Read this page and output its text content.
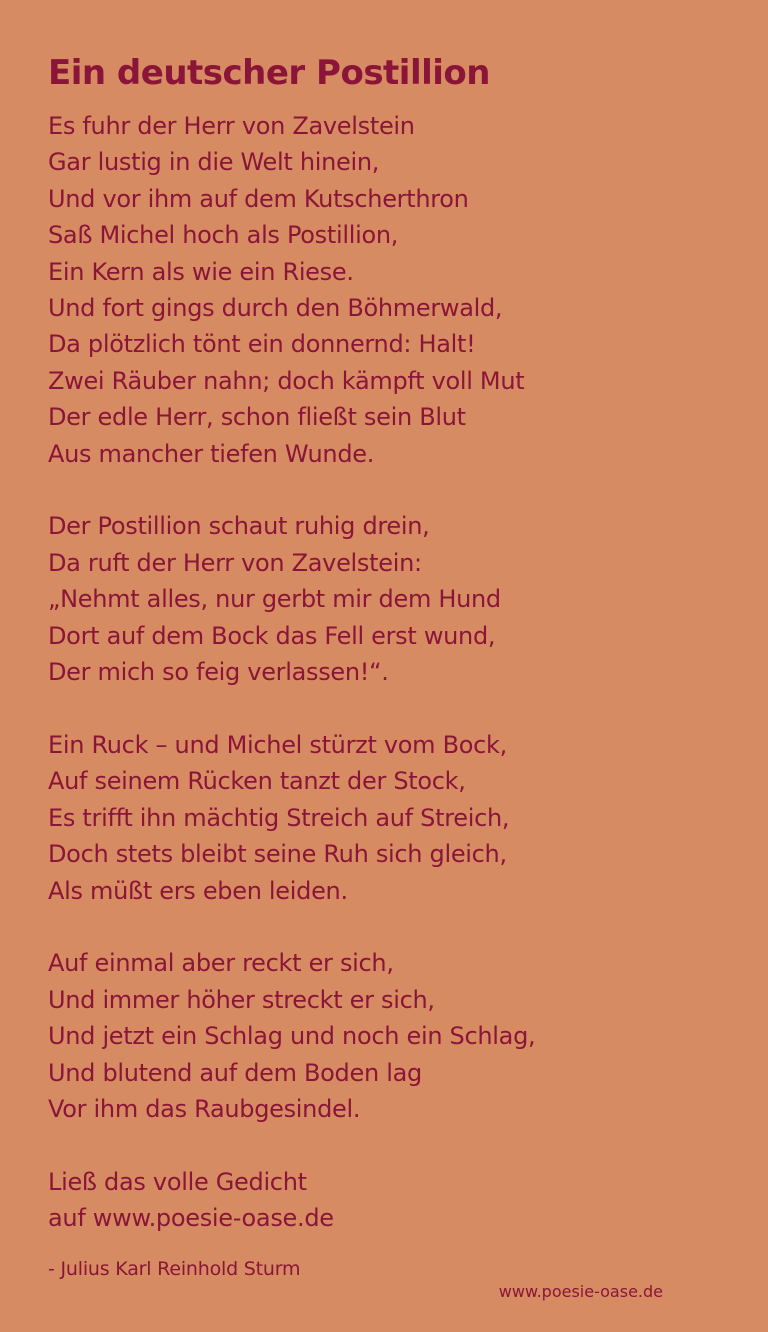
Ein deutscher Postillion
Es fuhr der Herr von Zavelstein
Gar lustig in die Welt hinein,
Und vor ihm auf dem Kutscherthron
Saß Michel hoch als Postillion,
Ein Kern als wie ein Riese.
Und fort gings durch den Böhmerwald,
Da plötzlich tönt ein donnernd: Halt!
Zwei Räuber nahn; doch kämpft voll Mut
Der edle Herr, schon fließt sein Blut
Aus mancher tiefen Wunde.
Der Postillion schaut ruhig drein,
Da ruft der Herr von Zavelstein:
„Nehmt alles, nur gerbt mir dem Hund
Dort auf dem Bock das Fell erst wund,
Der mich so feig verlassen!“.
Ein Ruck – und Michel stürzt vom Bock,
Auf seinem Rücken tanzt der Stock,
Es trifft ihn mächtig Streich auf Streich,
Doch stets bleibt seine Ruh sich gleich,
Als müßt ers eben leiden.
Auf einmal aber reckt er sich,
Und immer höher streckt er sich,
Und jetzt ein Schlag und noch ein Schlag,
Und blutend auf dem Boden lag
Vor ihm das Raubgesindel.
Ließ das volle Gedicht
auf www.poesie-oase.de
- Julius Karl Reinhold Sturm
www.poesie-oase.de
